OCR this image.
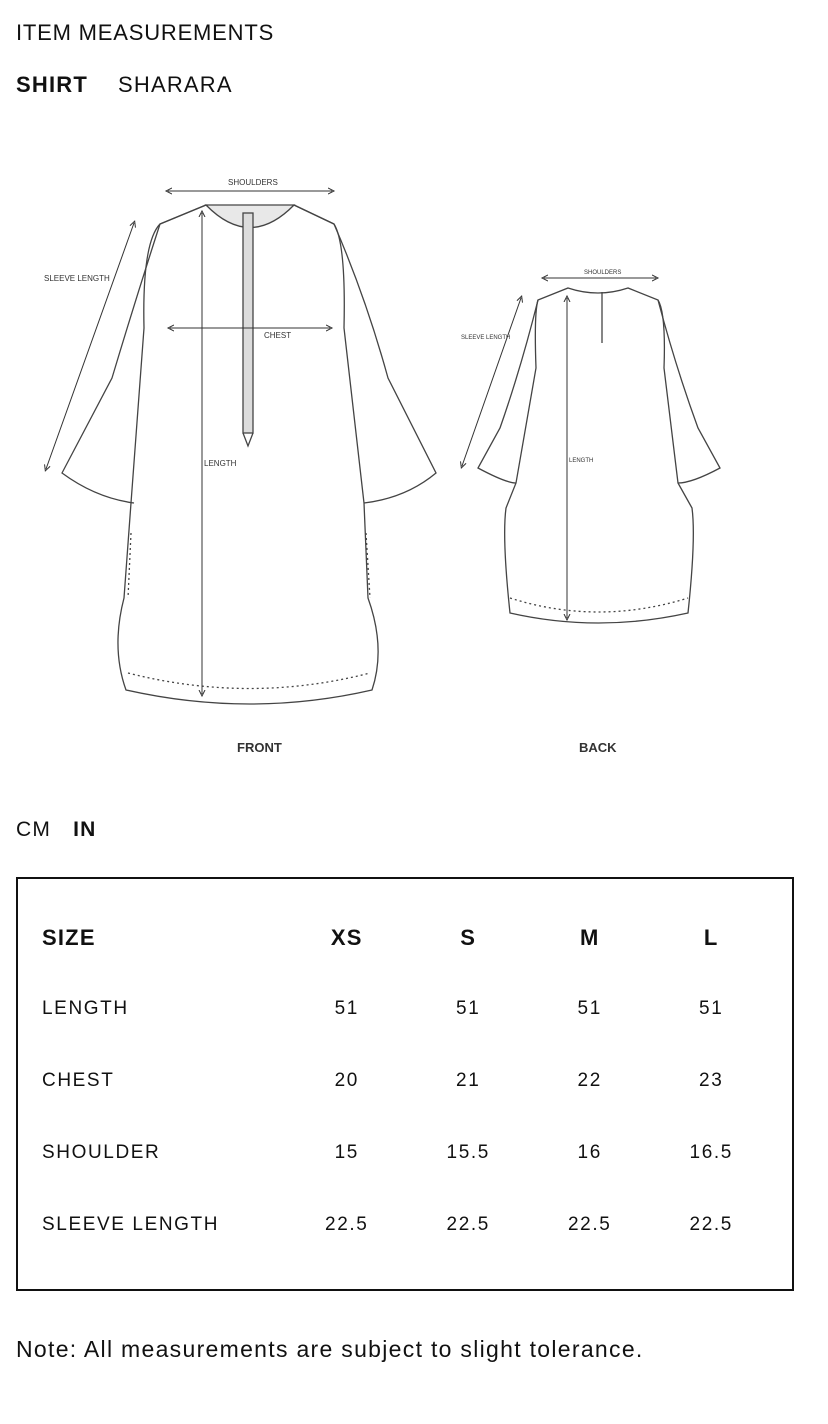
ITEM MEASUREMENTS
SHIRT SHARARA
SHOULDERS
SLEEVE LENGTH
CHEST
LENGTH
FRONT
SHOULDERS
SLEEVE LENGTH
LENGTH
BACK
CM IN
SIZE	XS	S	M	L
LENGTH	51	51	51	51
CHEST	20	21	22	23
SHOULDER	15	15.5	16	16.5
SLEEVE LENGTH	22.5	22.5	22.5	22.5

Note: All measurements are subject to slight tolerance.
